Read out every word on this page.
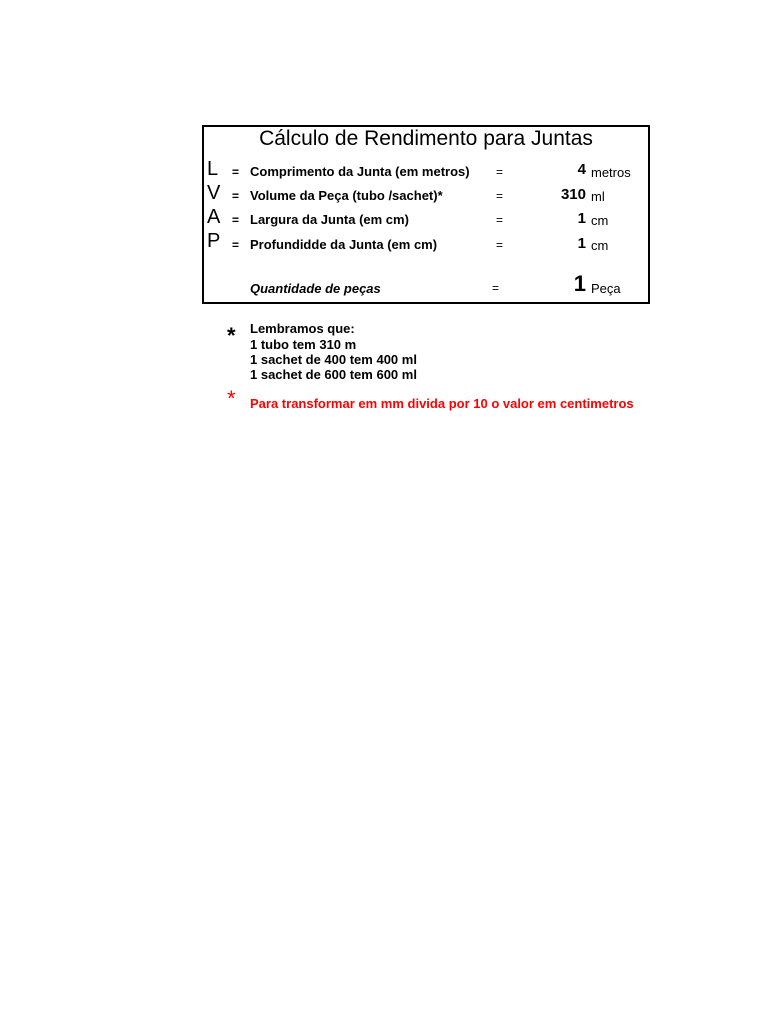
Cálculo de Rendimento para Juntas
L = Comprimento da Junta (em metros) =	4 metros
V = Volume da Peça (tubo /sachet)*	=	310 ml
A = Largura da Junta (em cm)	=	1 cm
P = Profundidde da Junta (em cm)	=	1 cm
Quantidade de peças	=	1 Peça
* Lembramos que:
1 tubo tem 310 m
1 sachet de 400 tem 400 ml
1 sachet de 600 tem 600 ml
* Para transformar em mm divida por 10 o valor em centimetros
